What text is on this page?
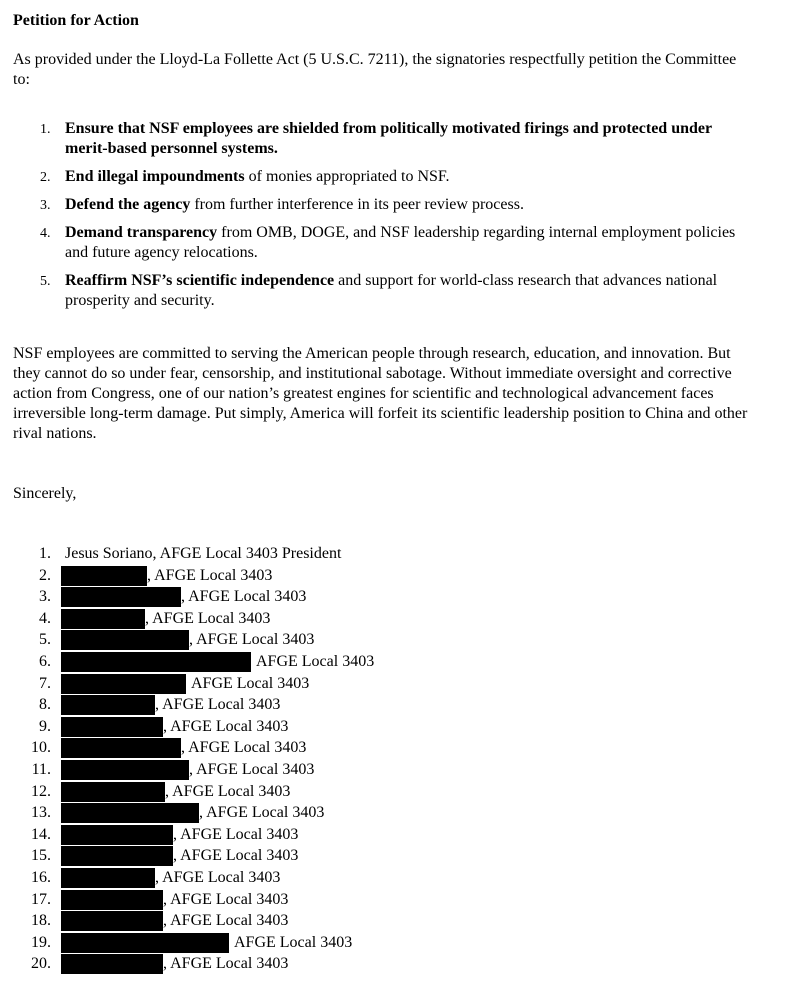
Petition for Action

As provided under the Lloyd-La Follette Act (5 U.S.C. 7211), the signatories respectfully petition the Committee to:

1. Ensure that NSF employees are shielded from politically motivated firings and protected under merit-based personnel systems.
2. End illegal impoundments of monies appropriated to NSF.
3. Defend the agency from further interference in its peer review process.
4. Demand transparency from OMB, DOGE, and NSF leadership regarding internal employment policies and future agency relocations.
5. Reaffirm NSF’s scientific independence and support for world-class research that advances national prosperity and security.

NSF employees are committed to serving the American people through research, education, and innovation. But they cannot do so under fear, censorship, and institutional sabotage. Without immediate oversight and corrective action from Congress, one of our nation’s greatest engines for scientific and technological advancement faces irreversible long-term damage. Put simply, America will forfeit its scientific leadership position to China and other rival nations.

Sincerely,

1. Jesus Soriano, AFGE Local 3403 President
2.	, AFGE Local 3403
3.	, AFGE Local 3403
4.	, AFGE Local 3403
5.	, AFGE Local 3403
6.	AFGE Local 3403
7.	AFGE Local 3403
8.	, AFGE Local 3403
9.	, AFGE Local 3403
10.	, AFGE Local 3403
11.	, AFGE Local 3403
12.	, AFGE Local 3403
13.	, AFGE Local 3403
14.	, AFGE Local 3403
15.	, AFGE Local 3403
16.	, AFGE Local 3403
17.	, AFGE Local 3403
18.	, AFGE Local 3403
19.	AFGE Local 3403
20.	, AFGE Local 3403
